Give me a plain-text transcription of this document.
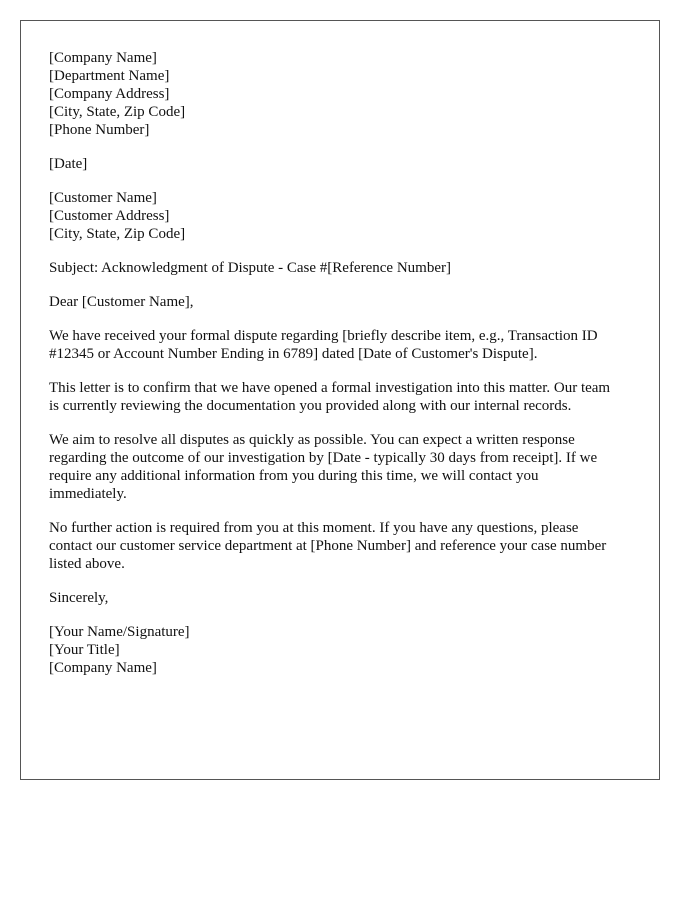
[Company Name]
[Department Name]
[Company Address]
[City, State, Zip Code]
[Phone Number]
[Date]
[Customer Name]
[Customer Address]
[City, State, Zip Code]

Subject: Acknowledgment of Dispute - Case #[Reference Number]

Dear [Customer Name],

We have received your formal dispute regarding [briefly describe item, e.g., Transaction ID #12345 or Account Number Ending in 6789] dated [Date of Customer's Dispute].

This letter is to confirm that we have opened a formal investigation into this matter. Our team is currently reviewing the documentation you provided along with our internal records.

We aim to resolve all disputes as quickly as possible. You can expect a written response regarding the outcome of our investigation by [Date - typically 30 days from receipt]. If we require any additional information from you during this time, we will contact you immediately.

No further action is required from you at this moment. If you have any questions, please contact our customer service department at [Phone Number] and reference your case number listed above.

Sincerely,

[Your Name/Signature]
[Your Title]
[Company Name]
